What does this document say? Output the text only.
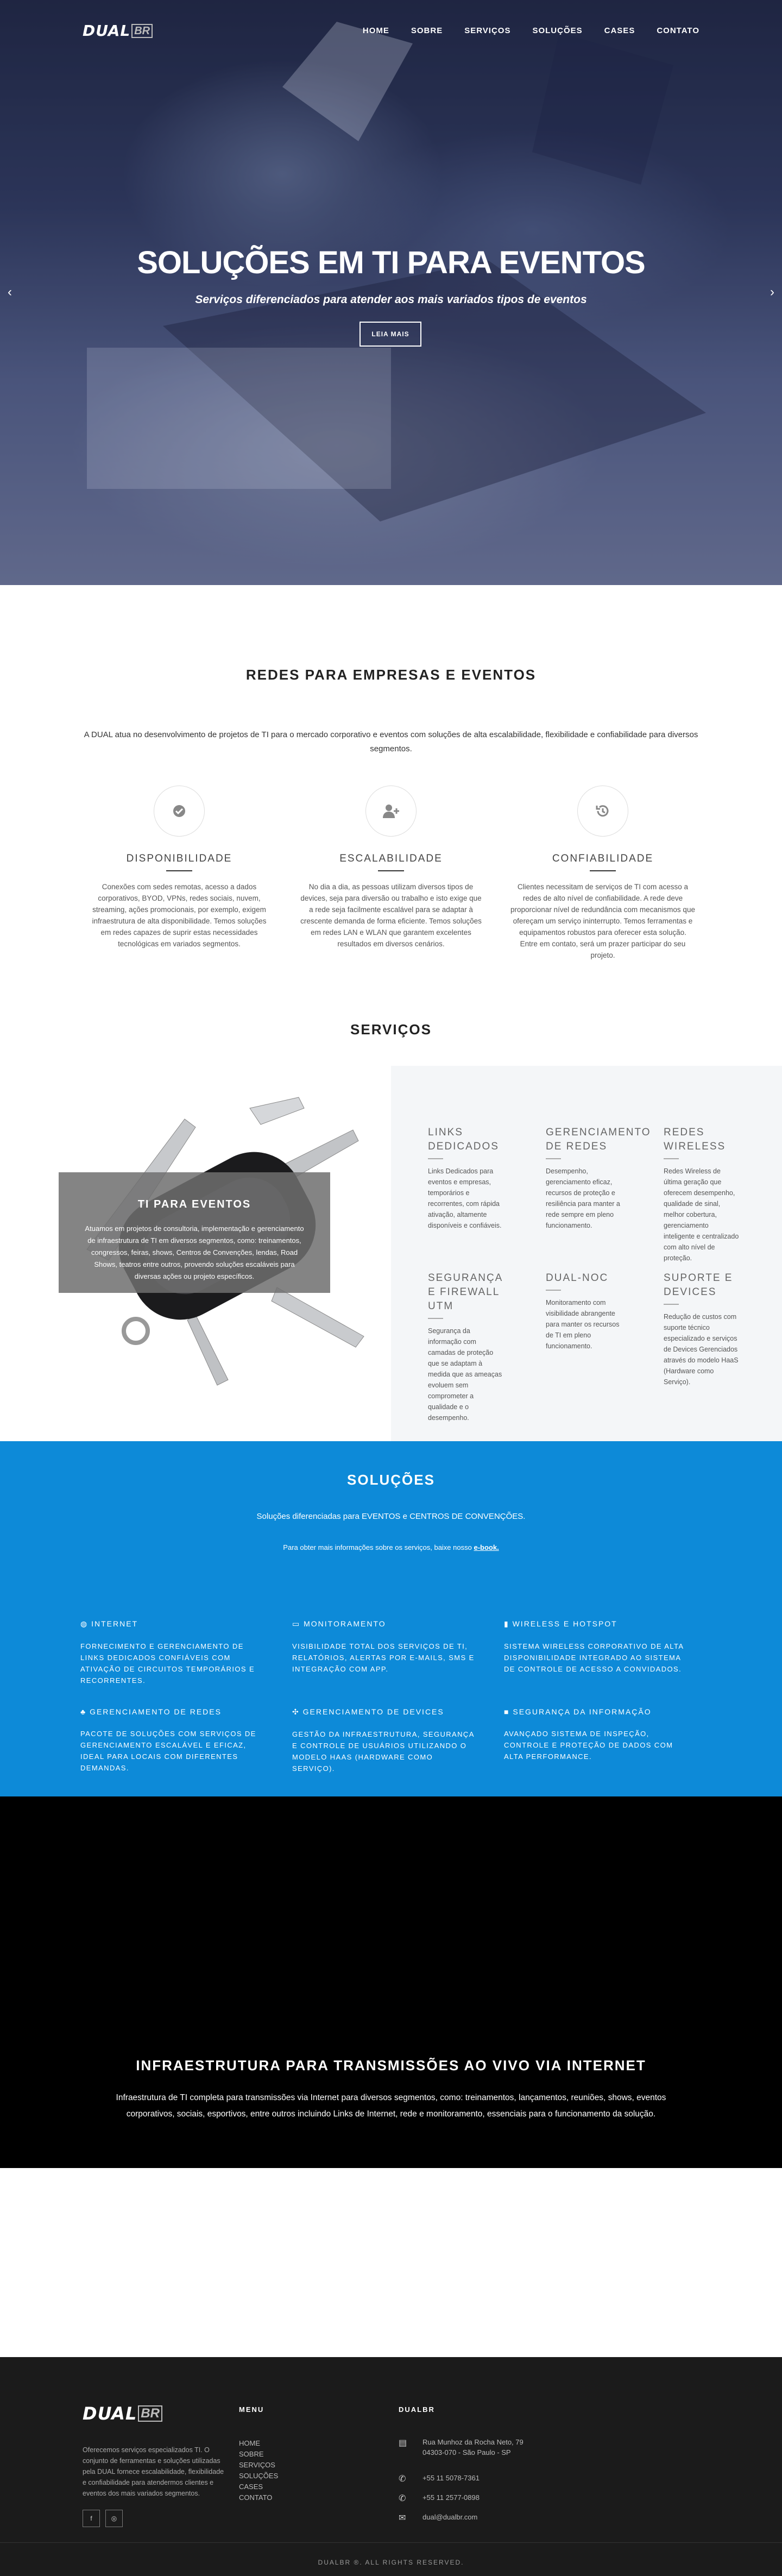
DUAL BR	HOME	SOBRE	SERVIÇOS	SOLUÇÕES	CASES	CONTATO
‹	›
SOLUÇÕES EM TI PARA EVENTOS

Serviços diferenciados para atender aos mais variados tipos de eventos

LEIA MAIS
REDES PARA EMPRESAS E EVENTOS

A DUAL atua no desenvolvimento de projetos de TI para o mercado corporativo e eventos com soluções de alta escalabilidade, flexibilidade e confiabilidade para diversos segmentos.

DISPONIBILIDADE

Conexões com sedes remotas, acesso a dados corporativos, BYOD, VPNs, redes sociais, nuvem, streaming, ações promocionais, por exemplo, exigem infraestrutura de alta disponibilidade. Temos soluções em redes capazes de suprir estas necessidades tecnológicas em variados segmentos.

ESCALABILIDADE

No dia a dia, as pessoas utilizam diversos tipos de devices, seja para diversão ou trabalho e isto exige que a rede seja facilmente escalável para se adaptar à crescente demanda de forma eficiente. Temos soluções em redes LAN e WLAN que garantem excelentes resultados em diversos cenários.

CONFIABILIDADE

Clientes necessitam de serviços de TI com acesso a redes de alto nível de confiabilidade. A rede deve proporcionar nível de redundância com mecanismos que ofereçam um serviço ininterrupto. Temos ferramentas e equipamentos robustos para oferecer esta solução. Entre em contato, será um prazer participar do seu projeto.

SERVIÇOS
TI PARA EVENTOS

Atuamos em projetos de consultoria, implementação e gerenciamento de infraestrutura de TI em diversos segmentos, como: treinamentos, congressos, feiras, shows, Centros de Convenções, lendas, Road Shows, teatros entre outros, provendo soluções escaláveis para diversas ações ou projeto específicos.

LINKS DEDICADOS

Links Dedicados para eventos e empresas, temporários e recorrentes, com rápida ativação, altamente disponíveis e confiáveis.

GERENCIAMENTO DE REDES

Desempenho, gerenciamento eficaz, recursos de proteção e resiliência para manter a rede sempre em pleno funcionamento.

REDES WIRELESS

Redes Wireless de última geração que oferecem desempenho, qualidade de sinal, melhor cobertura, gerenciamento inteligente e centralizado com alto nível de proteção.

SEGURANÇA E FIREWALL UTM

Segurança da informação com camadas de proteção que se adaptam à medida que as ameaças evoluem sem comprometer a qualidade e o desempenho.

DUAL-NOC

Monitoramento com visibilidade abrangente para manter os recursos de TI em pleno funcionamento.

SUPORTE E DEVICES

Redução de custos com suporte técnico especializado e serviços de Devices Gerenciados através do modelo HaaS (Hardware como Serviço).

SOLUÇÕES

Soluções diferenciadas para EVENTOS e CENTROS DE CONVENÇÕES.

Para obter mais informações sobre os serviços, baixe nosso e-book.

◍ INTERNET

FORNECIMENTO E GERENCIAMENTO DE LINKS DEDICADOS CONFIÁVEIS COM ATIVAÇÃO DE CIRCUITOS TEMPORÁRIOS E RECORRENTES.

▭ MONITORAMENTO

VISIBILIDADE TOTAL DOS SERVIÇOS DE TI, RELATÓRIOS, ALERTAS POR E-MAILS, SMS E INTEGRAÇÃO COM APP.

▮ WIRELESS E HOTSPOT

SISTEMA WIRELESS CORPORATIVO DE ALTA DISPONIBILIDADE INTEGRADO AO SISTEMA DE CONTROLE DE ACESSO A CONVIDADOS.

♣ GERENCIAMENTO DE REDES

PACOTE DE SOLUÇÕES COM SERVIÇOS DE GERENCIAMENTO ESCALÁVEL E EFICAZ, IDEAL PARA LOCAIS COM DIFERENTES DEMANDAS.

✣ GERENCIAMENTO DE DEVICES

GESTÃO DA INFRAESTRUTURA, SEGURANÇA E CONTROLE DE USUÁRIOS UTILIZANDO O MODELO HAAS (HARDWARE COMO SERVIÇO).

■ SEGURANÇA DA INFORMAÇÃO

AVANÇADO SISTEMA DE INSPEÇÃO, CONTROLE E PROTEÇÃO DE DADOS COM ALTA PERFORMANCE.

INFRAESTRUTURA PARA TRANSMISSÕES AO VIVO VIA INTERNET

Infraestrutura de TI completa para transmissões via Internet para diversos segmentos, como: treinamentos, lançamentos, reuniões, shows, eventos corporativos, sociais, esportivos, entre outros incluindo Links de Internet, rede e monitoramento, essenciais para o funcionamento da solução.

DUAL BR

Oferecemos serviços especializados TI. O conjunto de ferramentas e soluções utilizadas pela DUAL fornece escalabilidade, flexibilidade e confiabilidade para atendermos clientes e eventos dos mais variados segmentos.

f	◎
MENU
HOME
SOBRE
SERVIÇOS
SOLUÇÕES
CASES
CONTATO
DUALBR
▤ Rua Munhoz da Rocha Neto, 79
04303-070 - São Paulo - SP
✆ +55 11 5078-7361
✆ +55 11 2577-0898
✉ dual@dualbr.com

DUALBR ®. ALL RIGHTS RESERVED.
